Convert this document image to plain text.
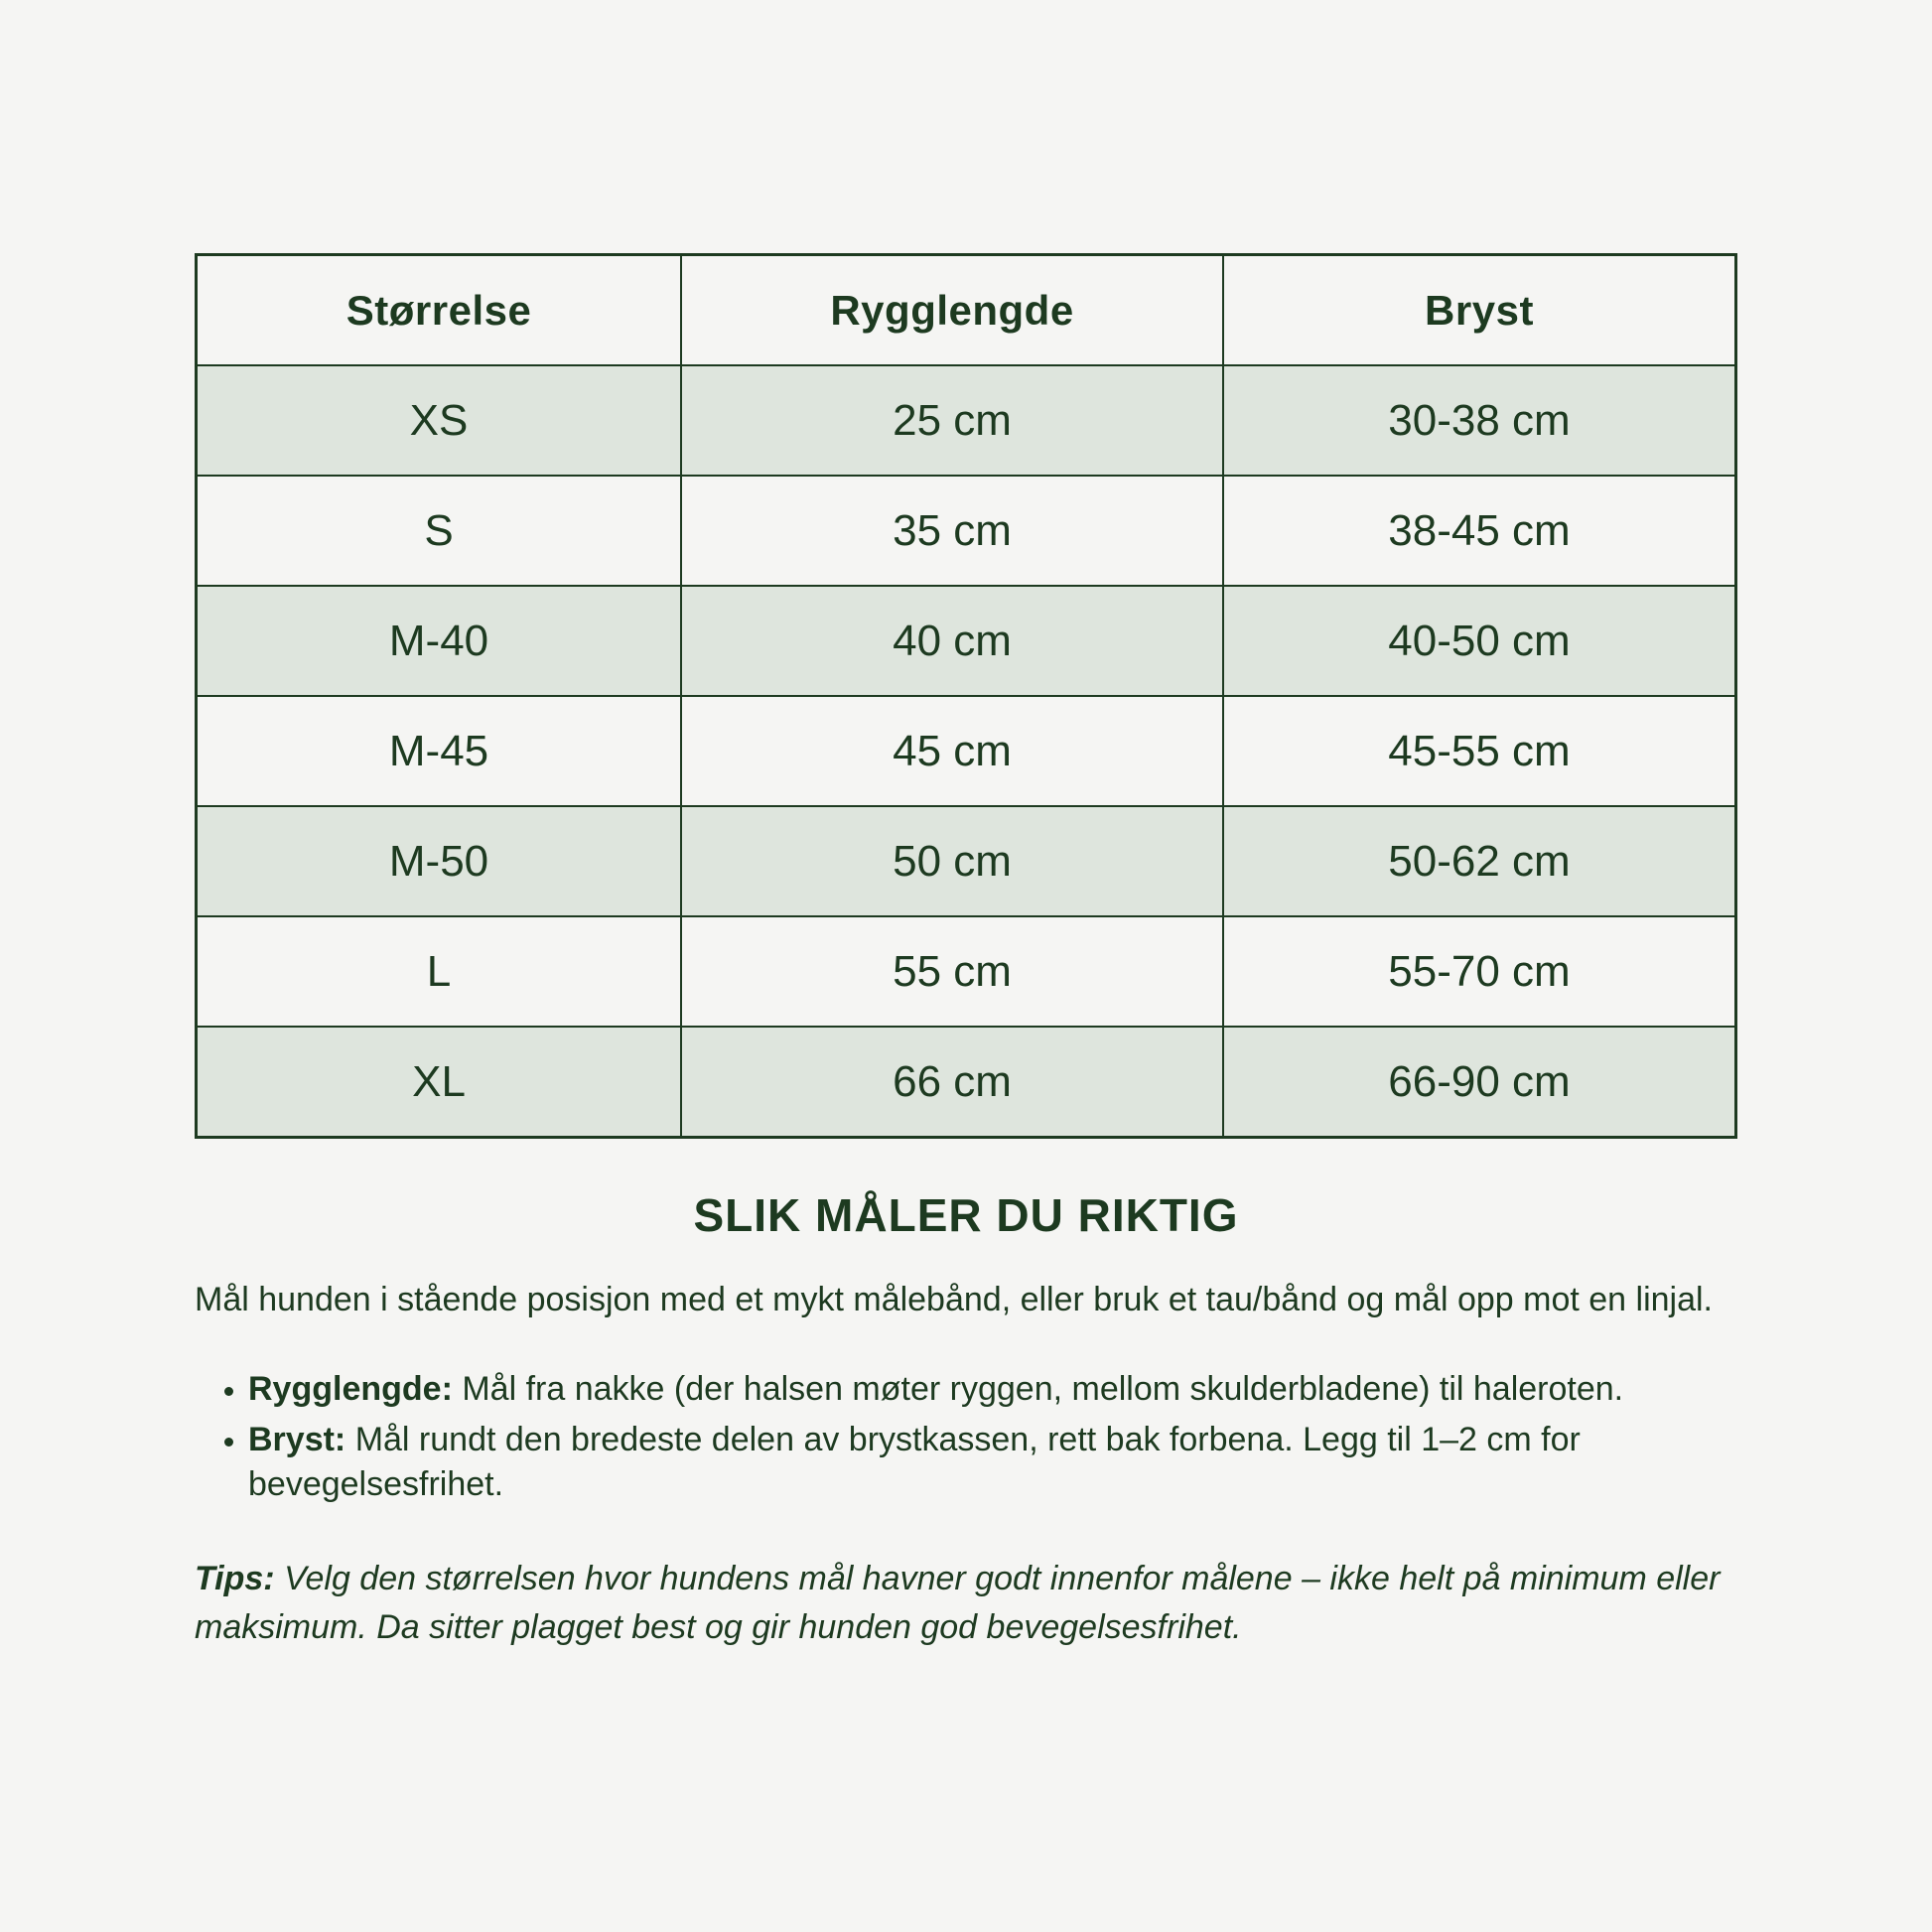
Størrelse	Rygglengde	Bryst
XS	25 cm	30-38 cm
S	35 cm	38-45 cm
M-40	40 cm	40-50 cm
M-45	45 cm	45-55 cm
M-50	50 cm	50-62 cm
L	55 cm	55-70 cm
XL	66 cm	66-90 cm
SLIK MÅLER DU RIKTIG

Mål hunden i stående posisjon med et mykt målebånd, eller bruk et tau/bånd og mål opp mot en linjal.

• Rygglengde: Mål fra nakke (der halsen møter ryggen, mellom skulderbladene) til haleroten.
• Bryst: Mål rundt den bredeste delen av brystkassen, rett bak forbena. Legg til 1–2 cm for bevegelsesfrihet.

Tips: Velg den størrelsen hvor hundens mål havner godt innenfor målene – ikke helt på minimum eller maksimum. Da sitter plagget best og gir hunden god bevegelsesfrihet.
